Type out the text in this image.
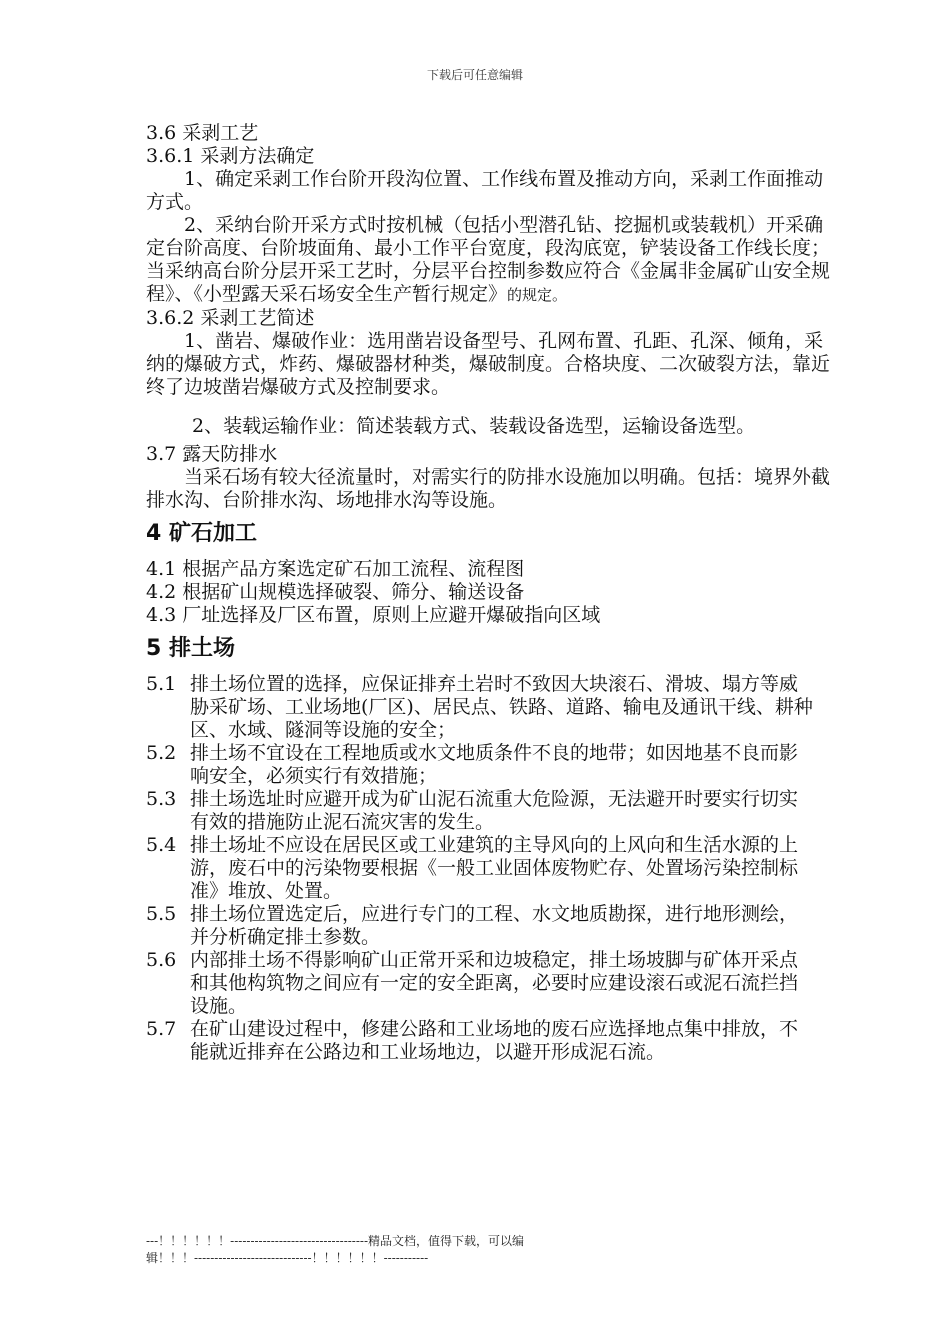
下载后可任意编辑
3.6 采剥工艺
3.6.1 采剥方法确定
1、确定采剥工作台阶开段沟位置、工作线布置及推动方向，采剥工作面推动方式。
2、采纳台阶开采方式时按机械（包括小型潜孔钻、挖掘机或装载机）开采确定台阶高度、台阶坡面角、最小工作平台宽度，段沟底宽，铲装设备工作线长度；当采纳高台阶分层开采工艺时，分层平台控制参数应符合《金属非金属矿山安全规程》、《小型露天采石场安全生产暂行规定》的规定。
3.6.2 采剥工艺简述
1、凿岩、爆破作业：选用凿岩设备型号、孔网布置、孔距、孔深、倾角，采纳的爆破方式，炸药、爆破器材种类，爆破制度。合格块度、二次破裂方法，靠近终了边坡凿岩爆破方式及控制要求。
2、装载运输作业：简述装载方式、装载设备选型，运输设备选型。
3.7 露天防排水
当采石场有较大径流量时，对需实行的防排水设施加以明确。包括：境界外截排水沟、台阶排水沟、场地排水沟等设施。
4 矿石加工
4.1 根据产品方案选定矿石加工流程、流程图
4.2 根据矿山规模选择破裂、筛分、输送设备
4.3 厂址选择及厂区布置，原则上应避开爆破指向区域
5 排土场
5.1 排土场位置的选择，应保证排弃土岩时不致因大块滚石、滑坡、塌方等威胁采矿场、工业场地(厂区)、居民点、铁路、道路、输电及通讯干线、耕种区、水域、隧洞等设施的安全；
5.2 排土场不宜设在工程地质或水文地质条件不良的地带；如因地基不良而影响安全，必须实行有效措施；
5.3 排土场选址时应避开成为矿山泥石流重大危险源，无法避开时要实行切实有效的措施防止泥石流灾害的发生。
5.4 排土场址不应设在居民区或工业建筑的主导风向的上风向和生活水源的上游，废石中的污染物要根据《一般工业固体废物贮存、处置场污染控制标准》堆放、处置。
5.5 排土场位置选定后，应进行专门的工程、水文地质勘探，进行地形测绘，并分析确定排土参数。
5.6 内部排土场不得影响矿山正常开采和边坡稳定，排土场坡脚与矿体开采点和其他构筑物之间应有一定的安全距离，必要时应建设滚石或泥石流拦挡设施。
5.7 在矿山建设过程中，修建公路和工业场地的废石应选择地点集中排放，不能就近排弃在公路边和工业场地边，以避开形成泥石流。
---！！！！！！----------------------------------精品文档，值得下载，可以编
辑！！！-----------------------------！！！！！！-----------
